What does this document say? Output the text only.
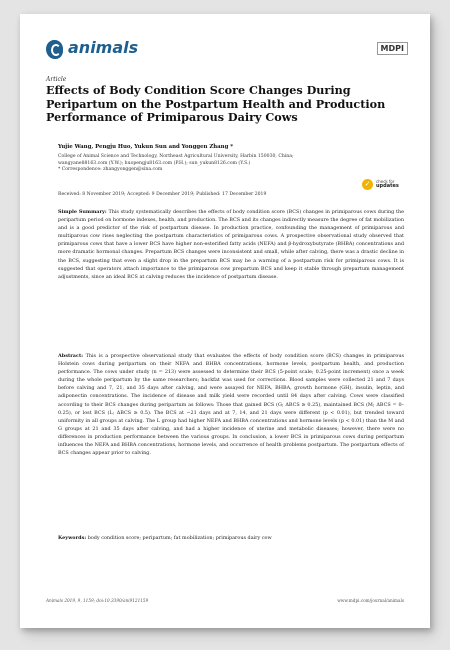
animals	MDPI
Article
Effects of Body Condition Score Changes During Peripartum on the Postpartum Health and Production Performance of Primiparous Dairy Cows
Yujie Wang, Pengju Huo, Yukun Sun and Yonggen Zhang *
College of Animal Science and Technology, Northeast Agricultural University, Harbin 150030, China;
wangyane88163.com (Y.W.); huopengju8163.com (P.H.); sun_yukun8126.com (Y.S.)
* Correspondence: zhangyonggen@sina.com
✓	check for
updates
Received: 8 November 2019; Accepted: 9 December 2019; Published: 17 December 2019
Simple Summary: This study systematically describes the effects of body condition score (BCS) changes in primiparous cows during the peripartum period on hormone indexes, health, and production. The BCS and its changes indirectly measure the degree of fat mobilization and is a good predictor of the risk of postpartum disease. In production practice, confounding the management of primiparous and multiparous cow rises neglecting the postpartum characteristics of primiparous cows. A prospective observational study observed that primiparous cows that have a lower BCS have higher non-esterified fatty acids (NEFA) and β-hydroxybutyrate (BHBA) concentrations and more dramatic hormonal changes. Prepartum BCS changes were inconsistent and small, while after calving, there was a drastic decline in the BCS, suggesting that even a slight drop in the prepartum BCS may be a warning of a postpartum risk for primiparous cows. It is suggested that operators attach importance to the primiparous cow prepartum BCS and keep it stable through prepartum management adjustments, since an ideal BCS at calving reduces the incidence of postpartum disease.
Abstract: This is a prospective observational study that evaluates the effects of body condition score (BCS) changes in primiparous Holstein cows during peripartum on their NEFA and BHBA concentrations, hormone levels, postpartum health, and production performance. The cows under study (n = 213) were assessed to determine their BCS (5-point scale; 0.25-point increment) once a week during the whole peripartum by the same researchers; backfat was used for corrections. Blood samples were collected 21 and 7 days before calving and 7, 21, and 35 days after calving, and were assayed for NEFA, BHBA, growth hormone (GH), insulin, leptin, and adiponectin concentrations. The incidence of disease and milk yield were recorded until 84 days after calving. Cows were classified according to their BCS changes during peripartum as follows: Those that gained BCS (G; ΔBCS ≥ 0.25), maintained BCS (M; ΔBCS = 0–0.25), or lost BCS (L; ΔBCS ≥ 0.5). The BCS at −21 days and at 7, 14, and 21 days were different (p < 0.01), but trended toward uniformity in all groups at calving. The L group had higher NEFA and BHBA concentrations and hormone levels (p < 0.01) than the M and G groups at 21 and 35 days after calving, and had a higher incidence of uterine and metabolic diseases; however, there were no differences in production performance between the various groups. In conclusion, a lower BCS in primiparous cows during peripartum influences the NEFA and BHBA concentrations, hormone levels, and occurrence of health problems postpartum. The postpartum effects of BCS changes appear prior to calving.
Keywords: body condition score; peripartum; fat mobilization; primiparous dairy cow
Animals 2019, 9, 1159; doi:10.3390/ani9121159	www.mdpi.com/journal/animals
